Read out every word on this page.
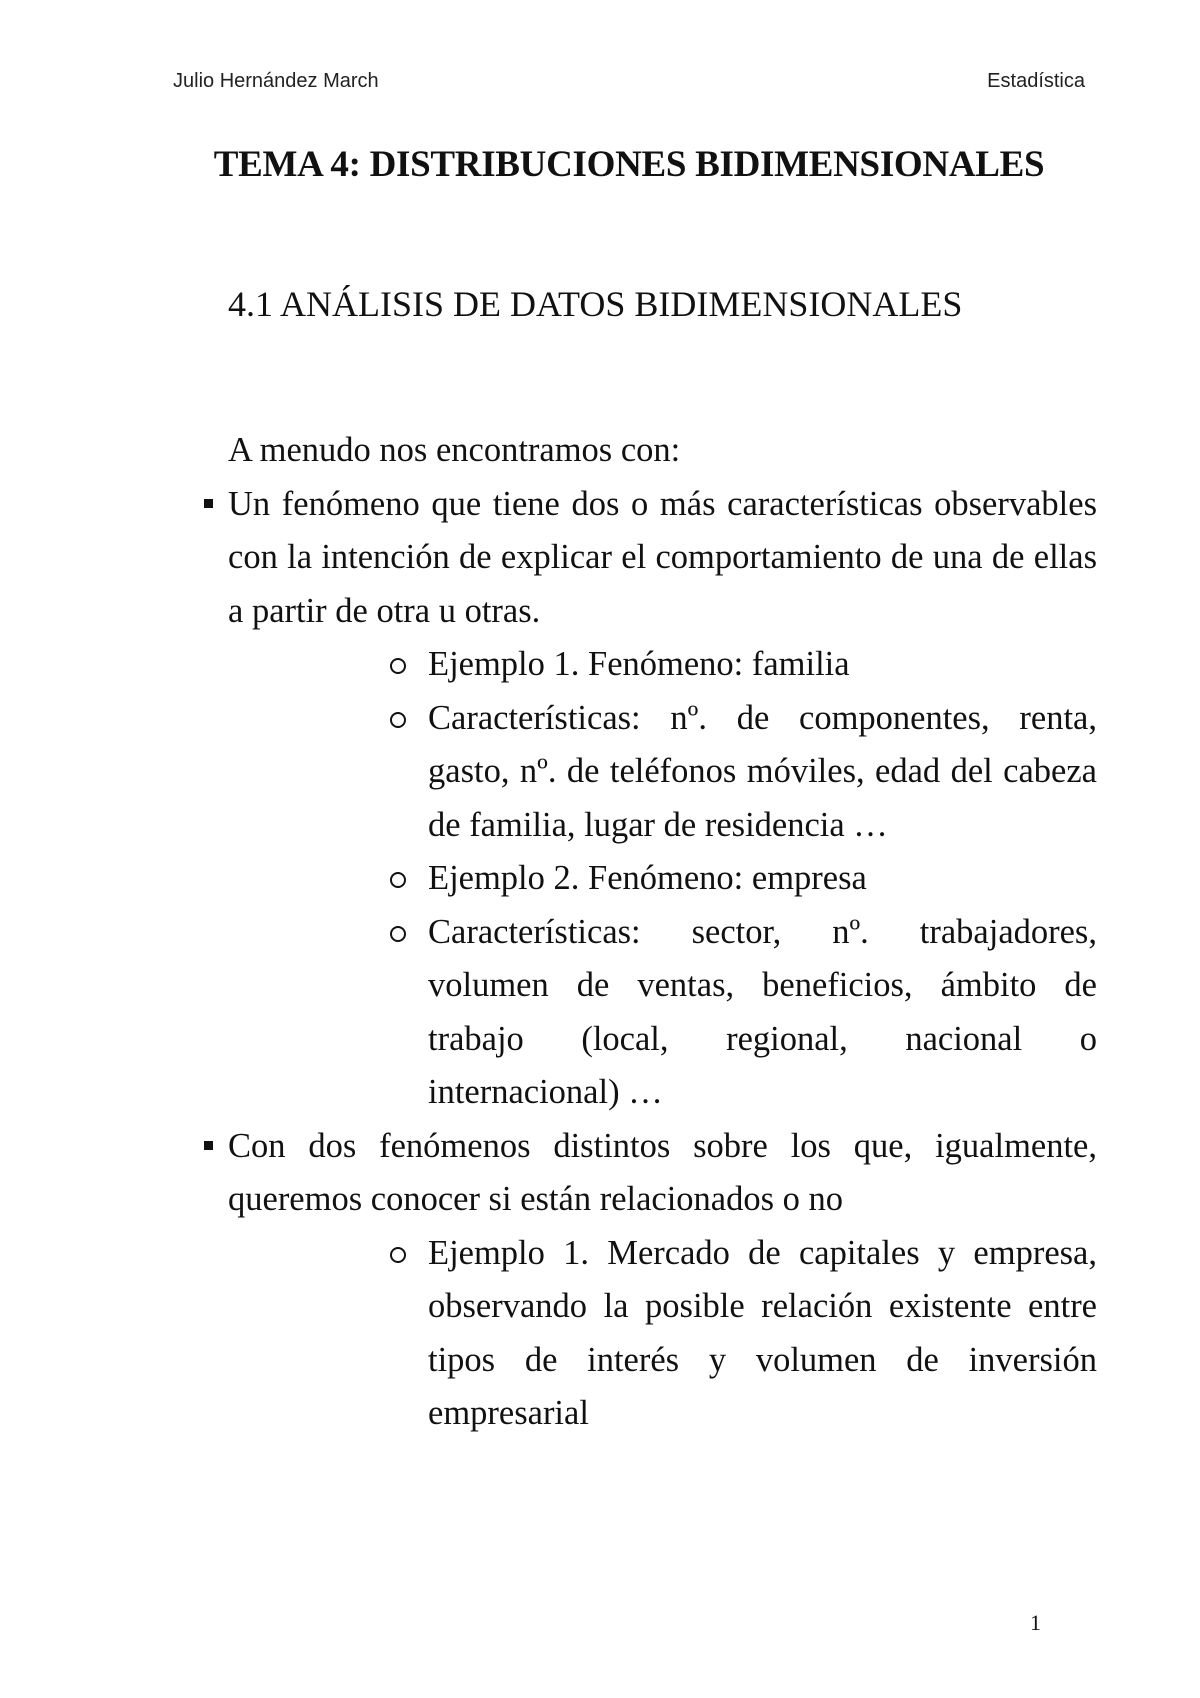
Julio Hernández March	Estadística
TEMA 4: DISTRIBUCIONES BIDIMENSIONALES
4.1 ANÁLISIS DE DATOS BIDIMENSIONALES

A menudo nos encontramos con:

Un fenómeno que tiene dos o más características observables con la intención de explicar el comportamiento de una de ellas a partir de otra u otras.
Ejemplo 1. Fenómeno: familia
Características: nº. de componentes, renta, gasto, nº. de teléfonos móviles, edad del cabeza de familia, lugar de residencia …
Ejemplo 2. Fenómeno: empresa
Características: sector, nº. trabajadores, volumen de ventas, beneficios, ámbito de trabajo (local, regional, nacional o internacional) …
Con dos fenómenos distintos sobre los que, igualmente, queremos conocer si están relacionados o no
Ejemplo 1. Mercado de capitales y empresa, observando la posible relación existente entre tipos de interés y volumen de inversión empresarial
1
